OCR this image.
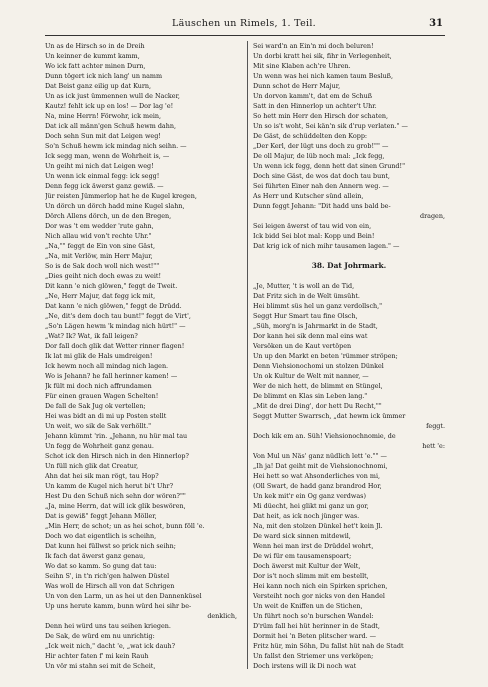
Läuschen un Rimels, 1. Teil.	31
Un as de Hirsch so in de Dreih
Un keinner de kummt kamm,
Wo ick fatt achter minen Durn,
Dunn tögert ick nich lang' un namm
Dat Beist ganz eilig up dat Kurn,
Un as ick just ümmennen wull de Nacker,
Kautz! fehlt ick up en los! — Dor lag 'e!
Na, mine Herrn! Förwohr, ick mein,
Dat ick all männ'gen Schuß hewm dahn,
Doch sehn Sun mit dat Leigen weg!
So'n Schuß hewm ick mindag nich seihn. —
Ick segg man, wenn de Wohrheit is, —
Un geiht mi nich dat Leigen weg!
Un wenn ick einmal fegg: ick segg!
Denn fegg ick äwerst ganz gewiß. —
Jür reisten Jümmerlop hat he de Kugel kregen,
Un dörch un dörch hadd mine Kugel slahn,
Dörch Allens dörch, un de den Bregen,
Dor was 't em wedder 'rute gahn,
Nich allau wid von't rechte Uhr."
„Na,"" feggt de Ein von sine Gäst,
„Na, mit Verlöw, min Herr Majur,
So is de Sak doch woll nich west!""
„Dies geiht nich doch ewas zu weit!
Dit kann 'e nich glöwen," feggt de Tweit.
„Ne, Herr Majur, dat fegg ick mit,
Dat kann 'e nich glöwen," feggt de Drüdd.
„Ne, dit's dem doch tau bunt!" feggt de Virt',
„So'n Lägen hewm 'k mindag nich hürt!" —
„Wat? Ik? Wat, ik fall leigen?
Dor fall doch glik dat Wetter rinner flagen!
Ik lat mi glik de Hals umdreigen!
Ick hewm noch all mindag nich lagen.
Wo is Jehann? he fall herinner kamen! —
Jk fült mi doch nich affrundamen
Für einen grauen Wagen Schelten!
De fall de Sak Jug ok vertellen;
Hei was bidt an di mi up Posten stellt
Un weit, wo sik de Sak verhöllt."
Jehann kümmt 'rin. „Jehann, nu hür mal tau
Un fegg de Wohrheit ganz genau.
Schot ick den Hirsch nich in den Hinnerlop?
Un füll nich glik dat Creatur,
Ahn dat hei sik man rögt, tau Hop?
Un kamm de Kugel nich herut bi't Uhr?
Hest Du den Schuß nich sehn dor wören?""
„Ja, mine Herrn, dat will ick glik beswören,
Dat is gewiß" feggt Jehann Möller,
„Min Herr, de schot; un as hei schot, bunn föll 'e.
Doch wo dat eigentlich is scheihn,
Dat kunn hei füllwst so prick nich seihn;
Ik fach dat äwerst ganz genau,
Wo dat so kamm. So gung dat tau:
Seihn S', in t'n rich'gen halwen Düstel
Was woll de Hirsch all von dat Schrigen
Un von den Larm, un as hei ut den Dannenküsel
Up uns herute kamm, bunn würd hei sihr be-
denklich,
Denn hei würd uns tau seihen kriegen.
De Sak, de würd em nu unrichtig:
„Ick weit nich," dacht 'e, „wat ick dauh?
Hir achter faten f' mi kein Rauh
Un vör mi stahn sei mit de Scheit,
Sei ward'n an Ein'n mi doch beluren!
Un dorbi kratt hei sik, fihr in Verlegenheit,
Mit sine Klaben ach're Uhren.
Un wenn was hei nich kamen taum Besluß,
Dunn schot de Herr Majur,
Un dorvon kamm't, dat em de Schuß
Satt in den Hinnerlop un achter't Uhr.
So hett min Herr den Hirsch dor schaten,
Un so is't woht, Sei kän'n sik d'rup verlaten." —
De Gäst, de schüddelten den Kopp:
„Der Kerl, der lügt uns doch zu grob!"" —
De oll Majur, de lüb noch mal: „Ick fegg,
Un wenn ick fegg, denn hett dat sinen Grund!"
Doch sine Gäst, de wos dat doch tau bunt,
Sei führten Einer nah den Annern weg. —
As Herr und Kutscher sünd allein,
Dunn feggt Jehann: "Dit hadd uns bald be-
dragen,
Sei leigen äwerst of tau wid von ein,
Ick bidd Sei blot mal: Kopp und Bein!
Dat krig ick of nich mihr tausamen lagen." —
38. Dat Johrmark.
„Je, Mutter, 't is woll an de Tid,
Dat Fritz sich in de Welt ümsüht.
Hei blimmt süs hel un ganz verdollsch,"
Seggt Hur Smart tau fine Olsch,
„Süh, morg'n is Jahrmarkt in de Stadt,
Dor kann hei sik denn mal eins wat
Versöken un de Kaut vertöpen
Un up den Markt en beten 'rümmer ströpen;
Denn Viehsionochomi un stolzen Dünkel
Un ok Kultur de Welt mit nanner, —
Wer de nich hett, de blimmt en Stüngel,
De blimmt en Klas sin Leben lang."
„Mit de drei Ding', dor hett Du Recht,""
Seggt Mutter Swarrsch, „dat hewm ick ümmer
feggt.
Doch kik em an. Süh! Viehsionochnomie, de
hett 'e:
Von Mul un Näs' ganz nüdlich lett 'e."" —
„Ih ja! Dat geiht mit de Viehsionochnomi,
Hei hett so wat Ahsonderliches von mi,
(Oll Swart, de hadd ganz brandrod Hor,
Un kek mit'r ein Og ganz verdwas)
Mi düecht, hei glikt mi ganz un gor,
Dat heit, as ick noch jünger was.
Na, mit den stolzen Dünkel het't kein Jl.
De ward sick sinnen mitdewil,
Wenn hei man irst de Drüddel wohrt,
De wi für em tausamenspoart;
Doch äwerst mit Kultur der Welt,
Dor is't noch slimm mit em bestellt,
Hei kann noch nich ein Spirken sprichen,
Versteiht noch gor nicks von den Handel
Un weit de Kniffen un de Stichen,
Un führt noch so'n burschen Wandel:
D'rüm fall hei hüt herinner in de Stadt,
Dormit hei 'n Beten plitscher ward. —
Fritz hür, min Söhn, Du fallst hüt nah de Stadt
Un fallst den Striemer uns verköpen;
Doch irstens will ik Di noch wat
